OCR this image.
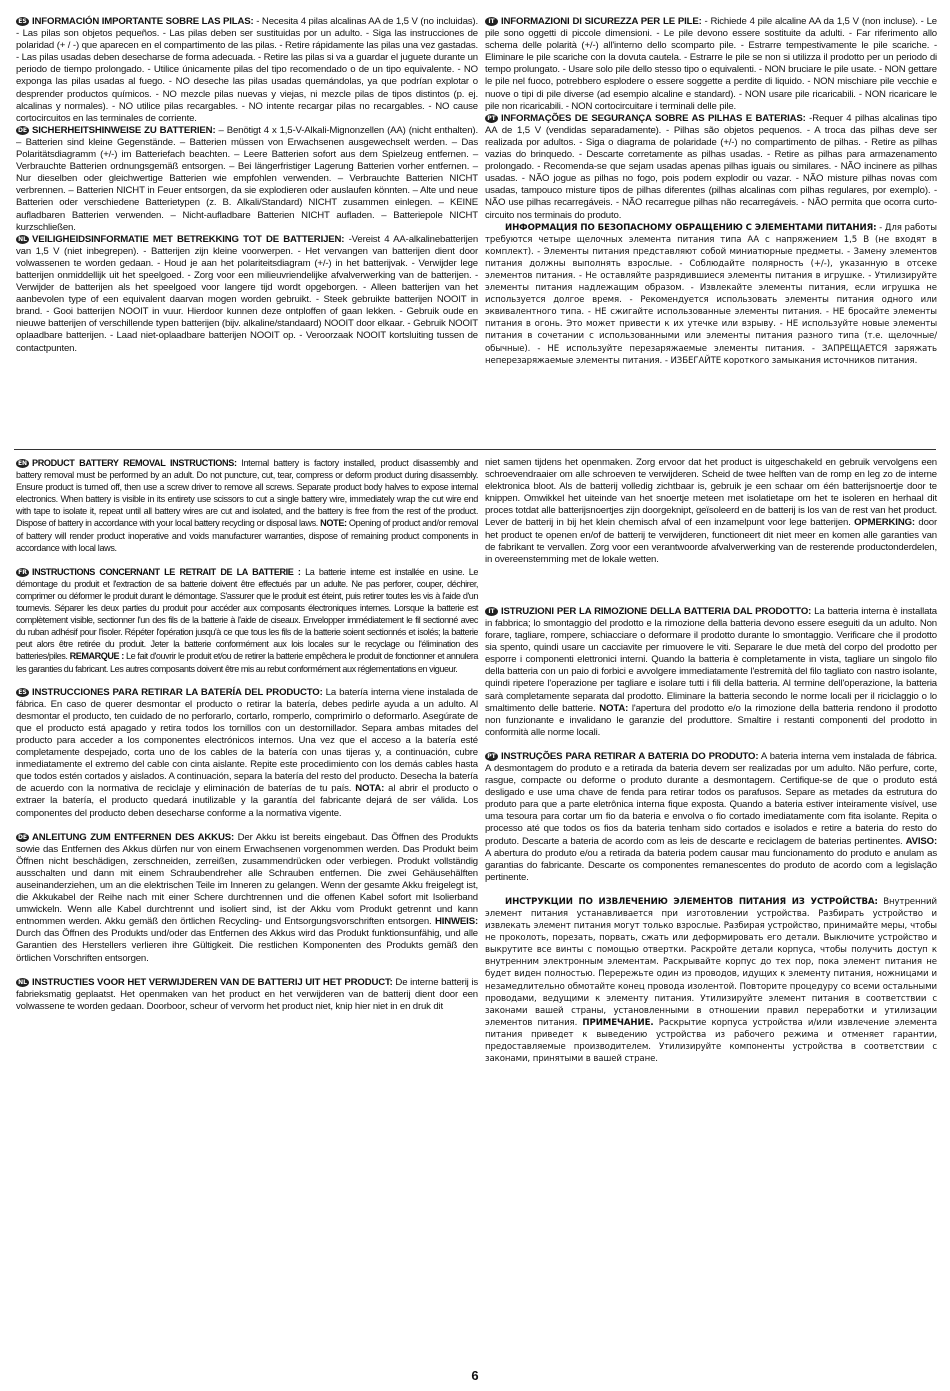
ES INFORMACIÓN IMPORTANTE SOBRE LAS PILAS: - Necesita 4 pilas alcalinas AA de 1,5 V (no incluidas). - Las pilas son objetos pequeños. - Las pilas deben ser sustituidas por un adulto. - Siga las instrucciones de polaridad (+ / -) que aparecen en el compartimento de las pilas. - Retire rápidamente las pilas una vez gastadas. - Las pilas usadas deben desecharse de forma adecuada. - Retire las pilas si va a guardar el juguete durante un periodo de tiempo prolongado. - Utilice únicamente pilas del tipo recomendado o de un tipo equivalente. - NO exponga las pilas usadas al fuego. - NO deseche las pilas usadas quemándolas, ya que podrían explotar o desprender productos químicos. - NO mezcle pilas nuevas y viejas, ni mezcle pilas de tipos distintos (p. ej. alcalinas y normales). - NO utilice pilas recargables. - NO intente recargar pilas no recargables. - NO cause cortocircuitos en las terminales de corriente.

DE SICHERHEITSHINWEISE ZU BATTERIEN: – Benötigt 4 x 1,5-V-Alkali-Mignonzellen (AA) (nicht enthalten). – Batterien sind kleine Gegenstände. – Batterien müssen von Erwachsenen ausgewechselt werden. – Das Polaritätsdiagramm (+/-) im Batteriefach beachten. – Leere Batterien sofort aus dem Spielzeug entfernen. – Verbrauchte Batterien ordnungsgemäß entsorgen. – Bei längerfristiger Lagerung Batterien vorher entfernen. – Nur dieselben oder gleichwertige Batterien wie empfohlen verwenden. – Verbrauchte Batterien NICHT verbrennen. – Batterien NICHT in Feuer entsorgen, da sie explodieren oder auslaufen könnten. – Alte und neue Batterien oder verschiedene Batterietypen (z. B. Alkali/Standard) NICHT zusammen einlegen. – KEINE aufladbaren Batterien verwenden. – Nicht-aufladbare Batterien NICHT aufladen. – Batteriepole NICHT kurzschließen.

NL VEILIGHEIDSINFORMATIE MET BETREKKING TOT DE BATTERIJEN: -Vereist 4 AA-alkalinebatterijen van 1,5 V (niet inbegrepen). - Batterijen zijn kleine voorwerpen. - Het vervangen van batterijen dient door volwassenen te worden gedaan. - Houd je aan het polariteitsdiagram (+/-) in het batterijvak. - Verwijder lege batterijen onmiddellijk uit het speelgoed. - Zorg voor een milieuvriendelijke afvalverwerking van de batterijen. - Verwijder de batterijen als het speelgoed voor langere tijd wordt opgeborgen. - Alleen batterijen van het aanbevolen type of een equivalent daarvan mogen worden gebruikt. - Steek gebruikte batterijen NOOIT in brand. - Gooi batterijen NOOIT in vuur. Hierdoor kunnen deze ontploffen of gaan lekken. - Gebruik oude en nieuwe batterijen of verschillende typen batterijen (bijv. alkaline/standaard) NOOIT door elkaar. - Gebruik NOOIT oplaadbare batterijen. - Laad niet-oplaadbare batterijen NOOIT op. - Veroorzaak NOOIT kortsluiting tussen de contactpunten.

IT INFORMAZIONI DI SICUREZZA PER LE PILE: - Richiede 4 pile alcaline AA da 1,5 V (non incluse). - Le pile sono oggetti di piccole dimensioni. - Le pile devono essere sostituite da adulti. - Far riferimento allo schema delle polarità (+/-) all'interno dello scomparto pile. - Estrarre tempestivamente le pile scariche. - Eliminare le pile scariche con la dovuta cautela. - Estrarre le pile se non si utilizza il prodotto per un periodo di tempo prolungato. - Usare solo pile dello stesso tipo o equivalenti. - NON bruciare le pile usate. - NON gettare le pile nel fuoco, potrebbero esplodere o essere soggette a perdite di liquido. - NON mischiare pile vecchie e nuove o tipi di pile diverse (ad esempio alcaline e standard). - NON usare pile ricaricabili. - NON ricaricare le pile non ricaricabili. - NON cortocircuitare i terminali delle pile.

PT INFORMAÇÕES DE SEGURANÇA SOBRE AS PILHAS E BATERIAS: -Requer 4 pilhas alcalinas tipo AA de 1,5 V (vendidas separadamente). - Pilhas são objetos pequenos. - A troca das pilhas deve ser realizada por adultos. - Siga o diagrama de polaridade (+/-) no compartimento de pilhas. - Retire as pilhas vazias do brinquedo. - Descarte corretamente as pilhas usadas. - Retire as pilhas para armazenamento prolongado. - Recomenda-se que sejam usadas apenas pilhas iguais ou similares. - NÃO incinere as pilhas usadas. - NÃO jogue as pilhas no fogo, pois podem explodir ou vazar. - NÃO misture pilhas novas com usadas, tampouco misture tipos de pilhas diferentes (pilhas alcalinas com pilhas regulares, por exemplo). - NÃO use pilhas recarregáveis. - NÃO recarregue pilhas não recarregáveis. - NÃO permita que ocorra curto-circuito nos terminais do produto.

ИНФОРМАЦИЯ ПО БЕЗОПАСНОМУ ОБРАЩЕНИЮ С ЭЛЕМЕНТАМИ ПИТАНИЯ: - Для работы требуются четыре щелочных элемента питания типа АА с напряжением 1,5 В (не входят в комплект). - Элементы питания представляют собой миниатюрные предметы. - Замену элементов питания должны выполнять взрослые. - Соблюдайте полярность (+/-), указанную в отсеке элементов питания. - Не оставляйте разрядившиеся элементы питания в игрушке. - Утилизируйте элементы питания надлежащим образом. - Извлекайте элементы питания, если игрушка не используется долгое время. - Рекомендуется использовать элементы питания одного или эквивалентного типа. - НЕ сжигайте использованные элементы питания. - НЕ бросайте элементы питания в огонь. Это может привести к их утечке или взрыву. - НЕ используйте новые элементы питания в сочетании с использованными или элементы питания разного типа (т.е. щелочные/обычные). - НЕ используйте перезаряжаемые элементы питания. - ЗАПРЕЩАЕТСЯ заряжать неперезаряжаемые элементы питания. - ИЗБЕГАЙТЕ короткого замыкания источников питания.

EN PRODUCT BATTERY REMOVAL INSTRUCTIONS: Internal battery is factory installed, product disassembly and battery removal must be performed by an adult. Do not puncture, cut, tear, compress or deform product during disassembly. Ensure product is turned off, then use a screw driver to remove all screws. Separate product body halves to expose internal electronics. When battery is visible in its entirety use scissors to cut a single battery wire, immediately wrap the cut wire end with tape to isolate it, repeat until all battery wires are cut and isolated, and the battery is free from the rest of the product. Dispose of battery in accordance with your local battery recycling or disposal laws. NOTE: Opening of product and/or removal of battery will render product inoperative and voids manufacturer warranties, dispose of remaining product components in accordance with local laws.

FR INSTRUCTIONS CONCERNANT LE RETRAIT DE LA BATTERIE : La batterie interne est installée en usine. Le démontage du produit et l'extraction de sa batterie doivent être effectués par un adulte. Ne pas perforer, couper, déchirer, comprimer ou déformer le produit durant le démontage. S'assurer que le produit est éteint, puis retirer toutes les vis à l'aide d'un tournevis. Séparer les deux parties du produit pour accéder aux composants électroniques internes. Lorsque la batterie est complètement visible, sectionner l'un des fils de la batterie à l'aide de ciseaux. Envelopper immédiatement le fil sectionné avec du ruban adhésif pour l'isoler. Répéter l'opération jusqu'à ce que tous les fils de la batterie soient sectionnés et isolés; la batterie peut alors être retirée du produit. Jeter la batterie conformément aux lois locales sur le recyclage ou l'élimination des batteries/piles. REMARQUE : Le fait d'ouvrir le produit et/ou de retirer la batterie empêchera le produit de fonctionner et annulera les garanties du fabricant. Les autres composants doivent être mis au rebut conformément aux réglementations en vigueur.

ES INSTRUCCIONES PARA RETIRAR LA BATERÍA DEL PRODUCTO: La batería interna viene instalada de fábrica. En caso de querer desmontar el producto o retirar la batería, debes pedirle ayuda a un adulto. Al desmontar el producto, ten cuidado de no perforarlo, cortarlo, romperlo, comprimirlo o deformarlo. Asegúrate de que el producto está apagado y retira todos los tornillos con un destornillador. Separa ambas mitades del producto para acceder a los componentes electrónicos internos. Una vez que el acceso a la batería esté completamente despejado, corta uno de los cables de la batería con unas tijeras y, a continuación, cubre inmediatamente el extremo del cable con cinta aislante. Repite este procedimiento con los demás cables hasta que todos estén cortados y aislados. A continuación, separa la batería del resto del producto. Desecha la batería de acuerdo con la normativa de reciclaje y eliminación de baterías de tu país. NOTA: al abrir el producto o extraer la batería, el producto quedará inutilizable y la garantía del fabricante dejará de ser válida. Los componentes del producto deben desecharse conforme a la normativa vigente.

DE ANLEITUNG ZUM ENTFERNEN DES AKKUS: Der Akku ist bereits eingebaut. Das Öffnen des Produkts sowie das Entfernen des Akkus dürfen nur von einem Erwachsenen vorgenommen werden. Das Produkt beim Öffnen nicht beschädigen, zerschneiden, zerreißen, zusammendrücken oder verbiegen. Produkt vollständig ausschalten und dann mit einem Schraubendreher alle Schrauben entfernen. Die zwei Gehäusehälften auseinanderziehen, um an die elektrischen Teile im Inneren zu gelangen. Wenn der gesamte Akku freigelegt ist, die Akkukabel der Reihe nach mit einer Schere durchtrennen und die offenen Kabel sofort mit Isolierband umwickeln. Wenn alle Kabel durchtrennt und isoliert sind, ist der Akku vom Produkt getrennt und kann entnommen werden. Akku gemäß den örtlichen Recycling- und Entsorgungsvorschriften entsorgen. HINWEIS: Durch das Öffnen des Produkts und/oder das Entfernen des Akkus wird das Produkt funktionsunfähig, und alle Garantien des Herstellers verlieren ihre Gültigkeit. Die restlichen Komponenten des Produkts gemäß den örtlichen Vorschriften entsorgen.

NL INSTRUCTIES VOOR HET VERWIJDEREN VAN DE BATTERIJ UIT HET PRODUCT: De interne batterij is fabrieksmatig geplaatst. Het openmaken van het product en het verwijderen van de batterij dient door een volwassene te worden gedaan. Doorboor, scheur of vervorm het product niet, knip hier niet in en druk dit

niet samen tijdens het openmaken. Zorg ervoor dat het product is uitgeschakeld en gebruik vervolgens een schroevendraaier om alle schroeven te verwijderen. Scheid de twee helften van de romp en leg zo de interne elektronica bloot. Als de batterij volledig zichtbaar is, gebruik je een schaar om één batterijsnoertje door te knippen. Omwikkel het uiteinde van het snoertje meteen met isolatietape om het te isoleren en herhaal dit proces totdat alle batterijsnoertjes zijn doorgeknipt, geïsoleerd en de batterij is los van de rest van het product. Lever de batterij in bij het klein chemisch afval of een inzamelpunt voor lege batterijen. OPMERKING: door het product te openen en/of de batterij te verwijderen, functioneert dit niet meer en komen alle garanties van de fabrikant te vervallen. Zorg voor een verantwoorde afvalverwerking van de resterende productonderdelen, in overeenstemming met de lokale wetten.

IT ISTRUZIONI PER LA RIMOZIONE DELLA BATTERIA DAL PRODOTTO: La batteria interna è installata in fabbrica; lo smontaggio del prodotto e la rimozione della batteria devono essere eseguiti da un adulto. Non forare, tagliare, rompere, schiacciare o deformare il prodotto durante lo smontaggio. Verificare che il prodotto sia spento, quindi usare un cacciavite per rimuovere le viti. Separare le due metà del corpo del prodotto per esporre i componenti elettronici interni. Quando la batteria è completamente in vista, tagliare un singolo filo della batteria con un paio di forbici e avvolgere immediatamente l'estremità del filo tagliato con nastro isolante, quindi ripetere l'operazione per tagliare e isolare tutti i fili della batteria. Al termine dell'operazione, la batteria sarà completamente separata dal prodotto. Eliminare la batteria secondo le norme locali per il riciclaggio o lo smaltimento delle batterie. NOTA: l'apertura del prodotto e/o la rimozione della batteria rendono il prodotto non funzionante e invalidano le garanzie del produttore. Smaltire i restanti componenti del prodotto in conformità alle norme locali.

PT INSTRUÇÕES PARA RETIRAR A BATERIA DO PRODUTO: A bateria interna vem instalada de fábrica. A desmontagem do produto e a retirada da bateria devem ser realizadas por um adulto. Não perfure, corte, rasgue, compacte ou deforme o produto durante a desmontagem. Certifique-se de que o produto está desligado e use uma chave de fenda para retirar todos os parafusos. Separe as metades da estrutura do produto para que a parte eletrônica interna fique exposta. Quando a bateria estiver inteiramente visível, use uma tesoura para cortar um fio da bateria e envolva o fio cortado imediatamente com fita isolante. Repita o processo até que todos os fios da bateria tenham sido cortados e isolados e retire a bateria do resto do produto. Descarte a bateria de acordo com as leis de descarte e reciclagem de baterias pertinentes. AVISO: A abertura do produto e/ou a retirada da bateria podem causar mau funcionamento do produto e anulam as garantias do fabricante. Descarte os componentes remanescentes do produto de acordo com a legislação pertinente.

ИНСТРУКЦИИ ПО ИЗВЛЕЧЕНИЮ ЭЛЕМЕНТОВ ПИТАНИЯ ИЗ УСТРОЙСТВА: Внутренний элемент питания устанавливается при изготовлении устройства. Разбирать устройство и извлекать элемент питания могут только взрослые. Разбирая устройство, принимайте меры, чтобы не проколоть, порезать, порвать, сжать или деформировать его детали. Выключите устройство и выкрутите все винты с помощью отвертки. Раскройте детали корпуса, чтобы получить доступ к внутренним электронным элементам. Раскрывайте корпус до тех пор, пока элемент питания не будет виден полностью. Перережьте один из проводов, идущих к элементу питания, ножницами и незамедлительно обмотайте конец провода изолентой. Повторите процедуру со всеми остальными проводами, ведущими к элементу питания. Утилизируйте элемент питания в соответствии с законами вашей страны, установленными в отношении правил переработки и утилизации элементов питания. ПРИМЕЧАНИЕ. Раскрытие корпуса устройства и/или извлечение элемента питания приведет к выведению устройства из рабочего режима и отменяет гарантии, предоставляемые производителем. Утилизируйте компоненты устройства в соответствии с законами, принятыми в вашей стране.

6
